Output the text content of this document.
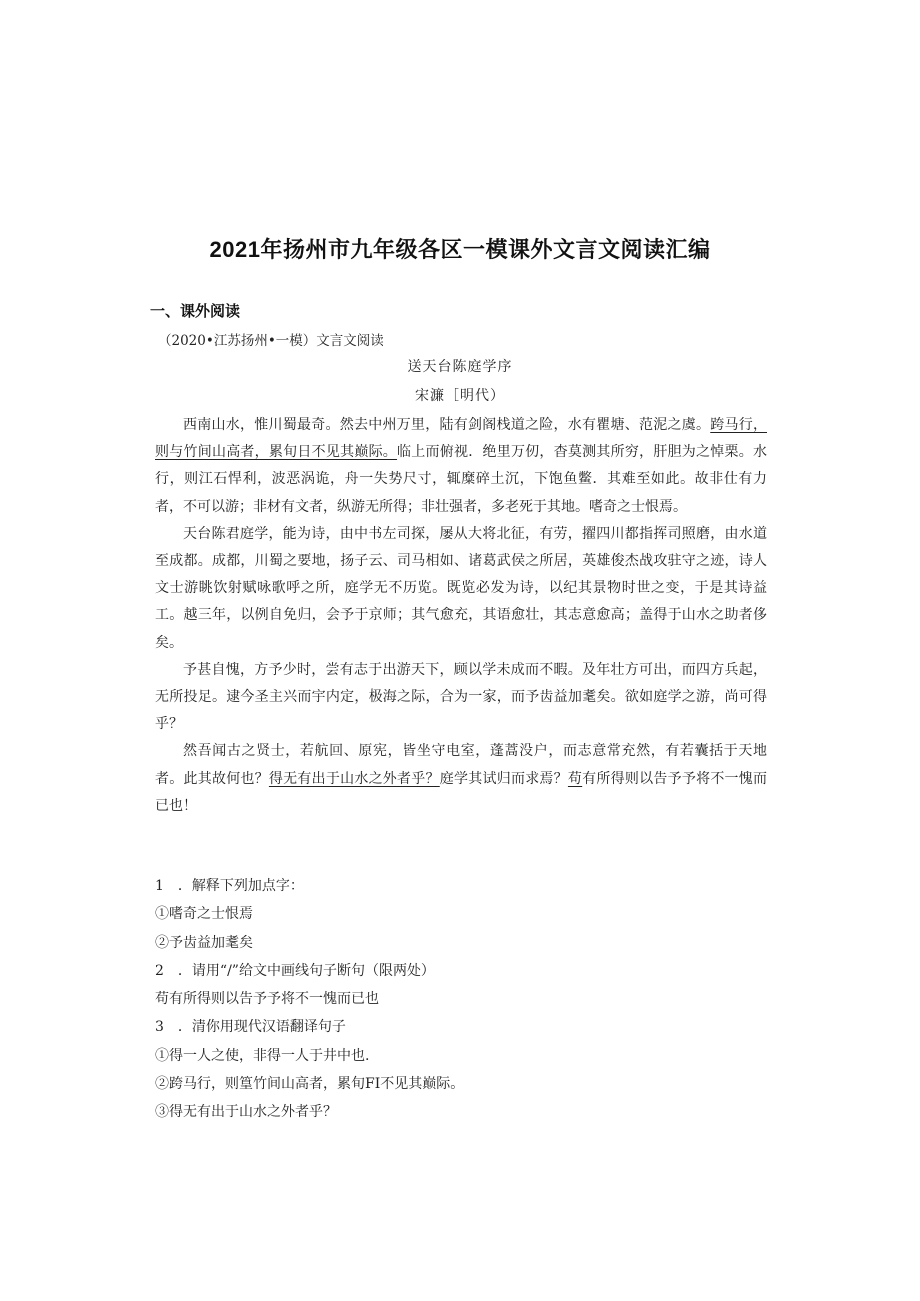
2021年扬州市九年级各区一模课外文言文阅读汇编
一、课外阅读
（2020•江苏扬州•一模）文言文阅读
送天台陈庭学序
宋濂［明代）

西南山水，惟川蜀最奇。然去中州万里，陆有剑阁栈道之险，水有瞿塘、范泥之虞。跨马行，则与竹间山高者，累旬日不见其巅际。临上而俯视．绝里万仞，杳莫测其所穷，肝胆为之悼栗。水行，则江石悍利，波恶涡诡，舟一失势尺寸，辄糜碎土沉，下饱鱼鳖．其难至如此。故非仕有力者，不可以游；非材有文者，纵游无所得；非壮强者，多老死于其地。嗜奇之士恨焉。

天台陈君庭学，能为诗，由中书左司探，屡从大将北征，有劳，擢四川都指挥司照磨，由水道至成都。成都，川蜀之要地，扬子云、司马相如、诸葛武侯之所居，英雄俊杰战攻驻守之迹，诗人文士游眺饮射赋咏歌呼之所，庭学无不历览。既览必发为诗，以纪其景物时世之变，于是其诗益工。越三年，以例自免归，会予于京师；其气愈充，其语愈壮，其志意愈高；盖得于山水之助者侈矣。

予甚自愧，方予少时，尝有志于出游天下，顾以学未成而不暇。及年壮方可出，而四方兵起，无所投足。逮今圣主兴而宇内定，极海之际，合为一家，而予齿益加耄矣。欲如庭学之游，尚可得乎？

然吾闻古之贤士，若航回、原宪，皆坐守电室，蓬蒿没户，而志意常充然，有若囊括于天地者。此其故何也？得无有出于山水之外者乎？庭学其试归而求焉？苟有所得则以告予予将不一愧而已也！

1　．解释下列加点字：
①嗜奇之士恨焉
②予齿益加耄矣
2　．请用“/”给文中画线句子断句（限两处）
苟有所得则以告予予将不一愧而已也
3　．清你用现代汉语翻译句子
①得一人之使，非得一人于井中也.
②跨马行，则篁竹间山高者，累旬FI不见其巅际。
③得无有出于山水之外者乎？
